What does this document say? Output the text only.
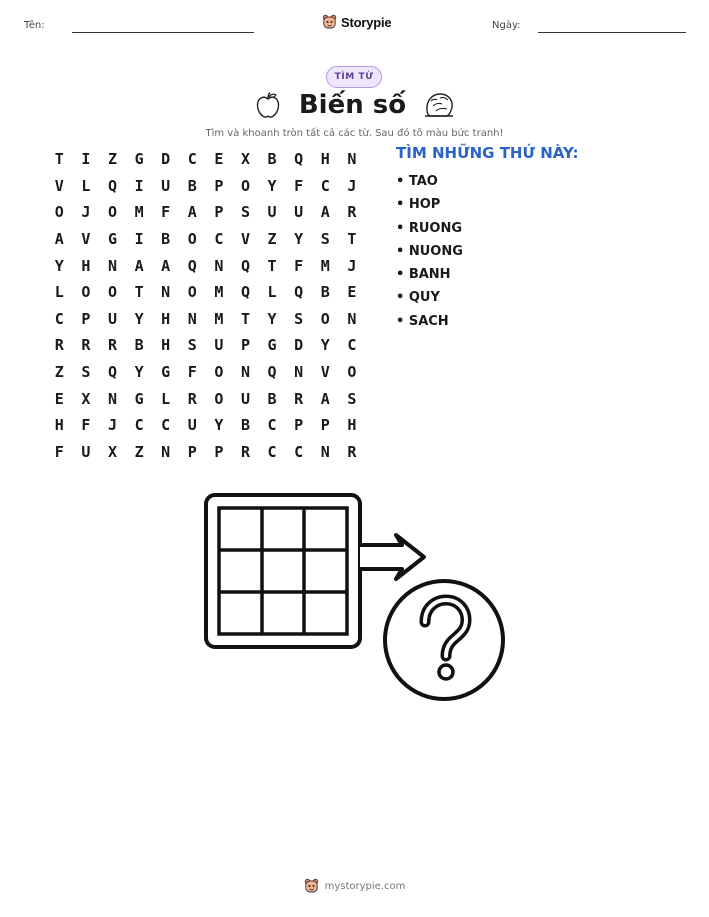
Tên:	Storypie	Ngày:
TÌM TỪ
Biến số
Tìm và khoanh tròn tất cả các từ. Sau đó tô màu bức tranh!
T	I	Z	G	D	C	E	X	B	Q	H	N
V	L	Q	I	U	B	P	O	Y	F	C	J
O	J	O	M	F	A	P	S	U	U	A	R
A	V	G	I	B	O	C	V	Z	Y	S	T
Y	H	N	A	A	Q	N	Q	T	F	M	J
L	O	O	T	N	O	M	Q	L	Q	B	E
C	P	U	Y	H	N	M	T	Y	S	O	N
R	R	R	B	H	S	U	P	G	D	Y	C
Z	S	Q	Y	G	F	O	N	Q	N	V	O
E	X	N	G	L	R	O	U	B	R	A	S
H	F	J	C	C	U	Y	B	C	P	P	H
F	U	X	Z	N	P	P	R	C	C	N	R
TÌM NHỮNG THỨ NÀY:
• TAO
• HOP
• RUONG
• NUONG
• BANH
• QUY
• SACH
mystorypie.com
